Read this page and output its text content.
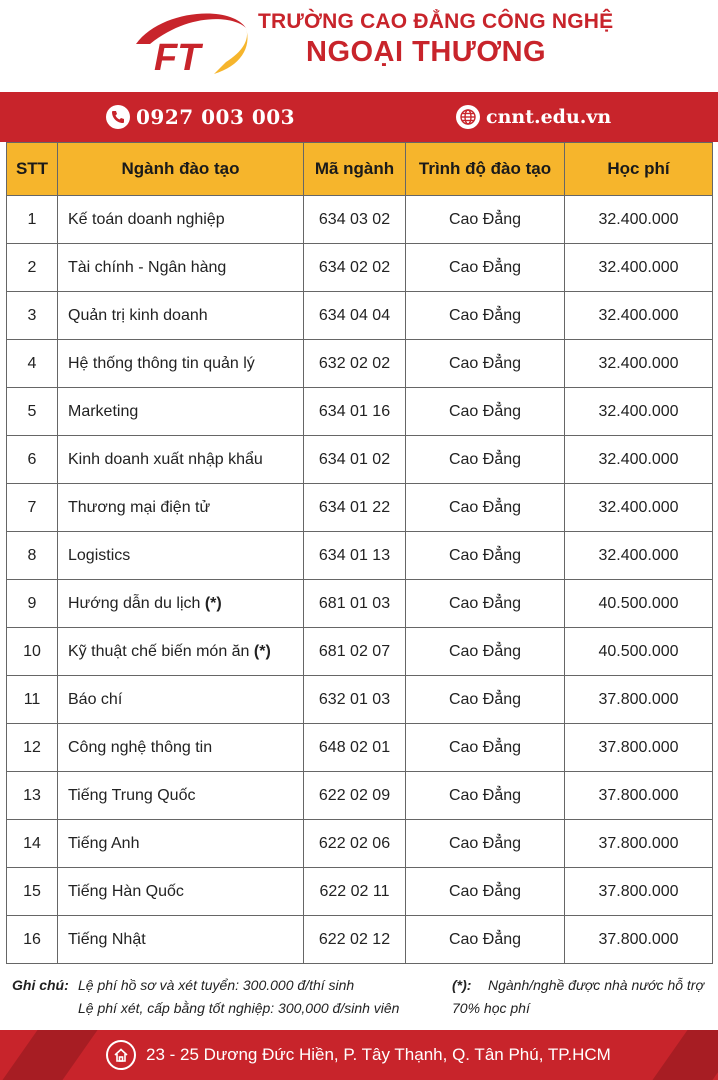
FT
TRƯỜNG CAO ĐẲNG CÔNG NGHỆ
NGOẠI THƯƠNG
0927 003 003	cnnt.edu.vn
STT	Ngành đào tạo	Mã ngành	Trình độ đào tạo	Học phí
1	Kế toán doanh nghiệp	634 03 02	Cao Đẳng	32.400.000
2	Tài chính - Ngân hàng	634 02 02	Cao Đẳng	32.400.000
3	Quản trị kinh doanh	634 04 04	Cao Đẳng	32.400.000
4	Hệ thống thông tin quản lý	632 02 02	Cao Đẳng	32.400.000
5	Marketing	634 01 16	Cao Đẳng	32.400.000
6	Kinh doanh xuất nhập khẩu	634 01 02	Cao Đẳng	32.400.000
7	Thương mại điện tử	634 01 22	Cao Đẳng	32.400.000
8	Logistics	634 01 13	Cao Đẳng	32.400.000
9	Hướng dẫn du lịch (*)	681 01 03	Cao Đẳng	40.500.000
10	Kỹ thuật chế biến món ăn (*)	681 02 07	Cao Đẳng	40.500.000
11	Báo chí	632 01 03	Cao Đẳng	37.800.000
12	Công nghệ thông tin	648 02 01	Cao Đẳng	37.800.000
13	Tiếng Trung Quốc	622 02 09	Cao Đẳng	37.800.000
14	Tiếng Anh	622 02 06	Cao Đẳng	37.800.000
15	Tiếng Hàn Quốc	622 02 11	Cao Đẳng	37.800.000
16	Tiếng Nhật	622 02 12	Cao Đẳng	37.800.000
Ghi chú: Lệ phí hồ sơ và xét tuyển: 300.000 đ/thí sinh
Lệ phí xét, cấp bằng tốt nghiệp: 300,000 đ/sinh viên
(*): Ngành/nghề được nhà nước hỗ trợ
70% học phí
23 - 25 Dương Đức Hiền, P. Tây Thạnh, Q. Tân Phú, TP.HCM
